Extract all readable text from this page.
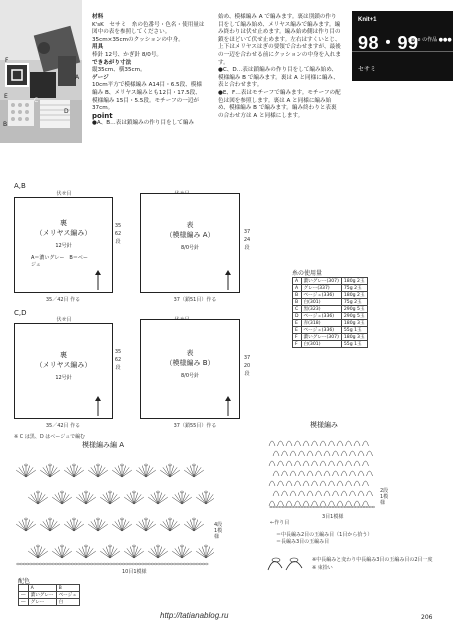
F
E
D
C
A
B
材料
K'sK　セサミ　糸の色番号・色名・使用量は図中の表を参照してください。35cm×35cmのクッションの中身。
用具
棒針 12号、かぎ針 8/0号。
できあがり寸法
縦35cm、横35cm。
ゲージ
10cm平方で模様編み A14目・6.5段、模様編み B、メリヤス編みとも12目・17.5段、模様編み 15目・5.5段。モチーフの一辺が37cm。
point
●A、B…表は鎖編みの作り目をして編み
始め、模様編み A で編みます。裏は別鎖の作り目をして編み始め、メリヤス編みで編みます。編み終わりは伏せ止めます。編み始め側は作り目の鎖をほどいて伏せ止めます。左右はすくいとじ、上下はメリヤスはぎの要領で合わせますが、最後の一辺を合わせる前にクッションの中身を入れます。
●C、D…表は鎖編みの作り目をして編み始め、模様編み B で編みます。裏は A と同様に編み、表と合わせます。
●E、F…表はモチーフで編みます。モチーフの配色は図を参照します。裏は A と同様に編み始め、模様編み B で編みます。編み終わりと表裏の合わせ方は A と同様にします。
Knit+1
98・99
page の作品 ●●●
セサミ
A,B
伏せ目
裏
（メリヤス編み）
12号針
A＝濃いグレー　B＝ベージュ
35　62 段
35／42目 作る
表
（模様編み A）
8/0号針
37　24 段
37（鎖51目）作る
C,D
伏せ目
裏
（メリヤス編み）
12号針
35　62 段
35／42目 作る
表
（模様編み B）
8/0号針
37　20 段
37（鎖55目）作る
※ C は黒、D はベージュで編む
糸の使用量
A	濃いグレー(307)	180g 2玉
A	グレー(337)	75g 2玉
B	ベージュ(336)	180g 2玉
B	白(301)	75g 2玉
C	黒(323)	290g 5玉
D	ベージュ(336)	290g 5玉
E	赤(318)	180g 3玉
E	ベージュ(336)	55g 1玉
F	濃いグレー(307)	180g 3玉
F	白(301)	55g 1玉
模様編み編 A
10目1模様
4段1模様
模様編み
3目1模様
2段1模様
←作り目
＝中長編み2目の玉編み目（1目から拾う）
＝長編み3目の玉編み目
※中長編みと変わり中長編み3目の玉編み目の2目一度
※ 束拾い
配色
	A	B
―	濃いグレー	ベージュ
―	グレー	白
http://tatianablog.ru	206
